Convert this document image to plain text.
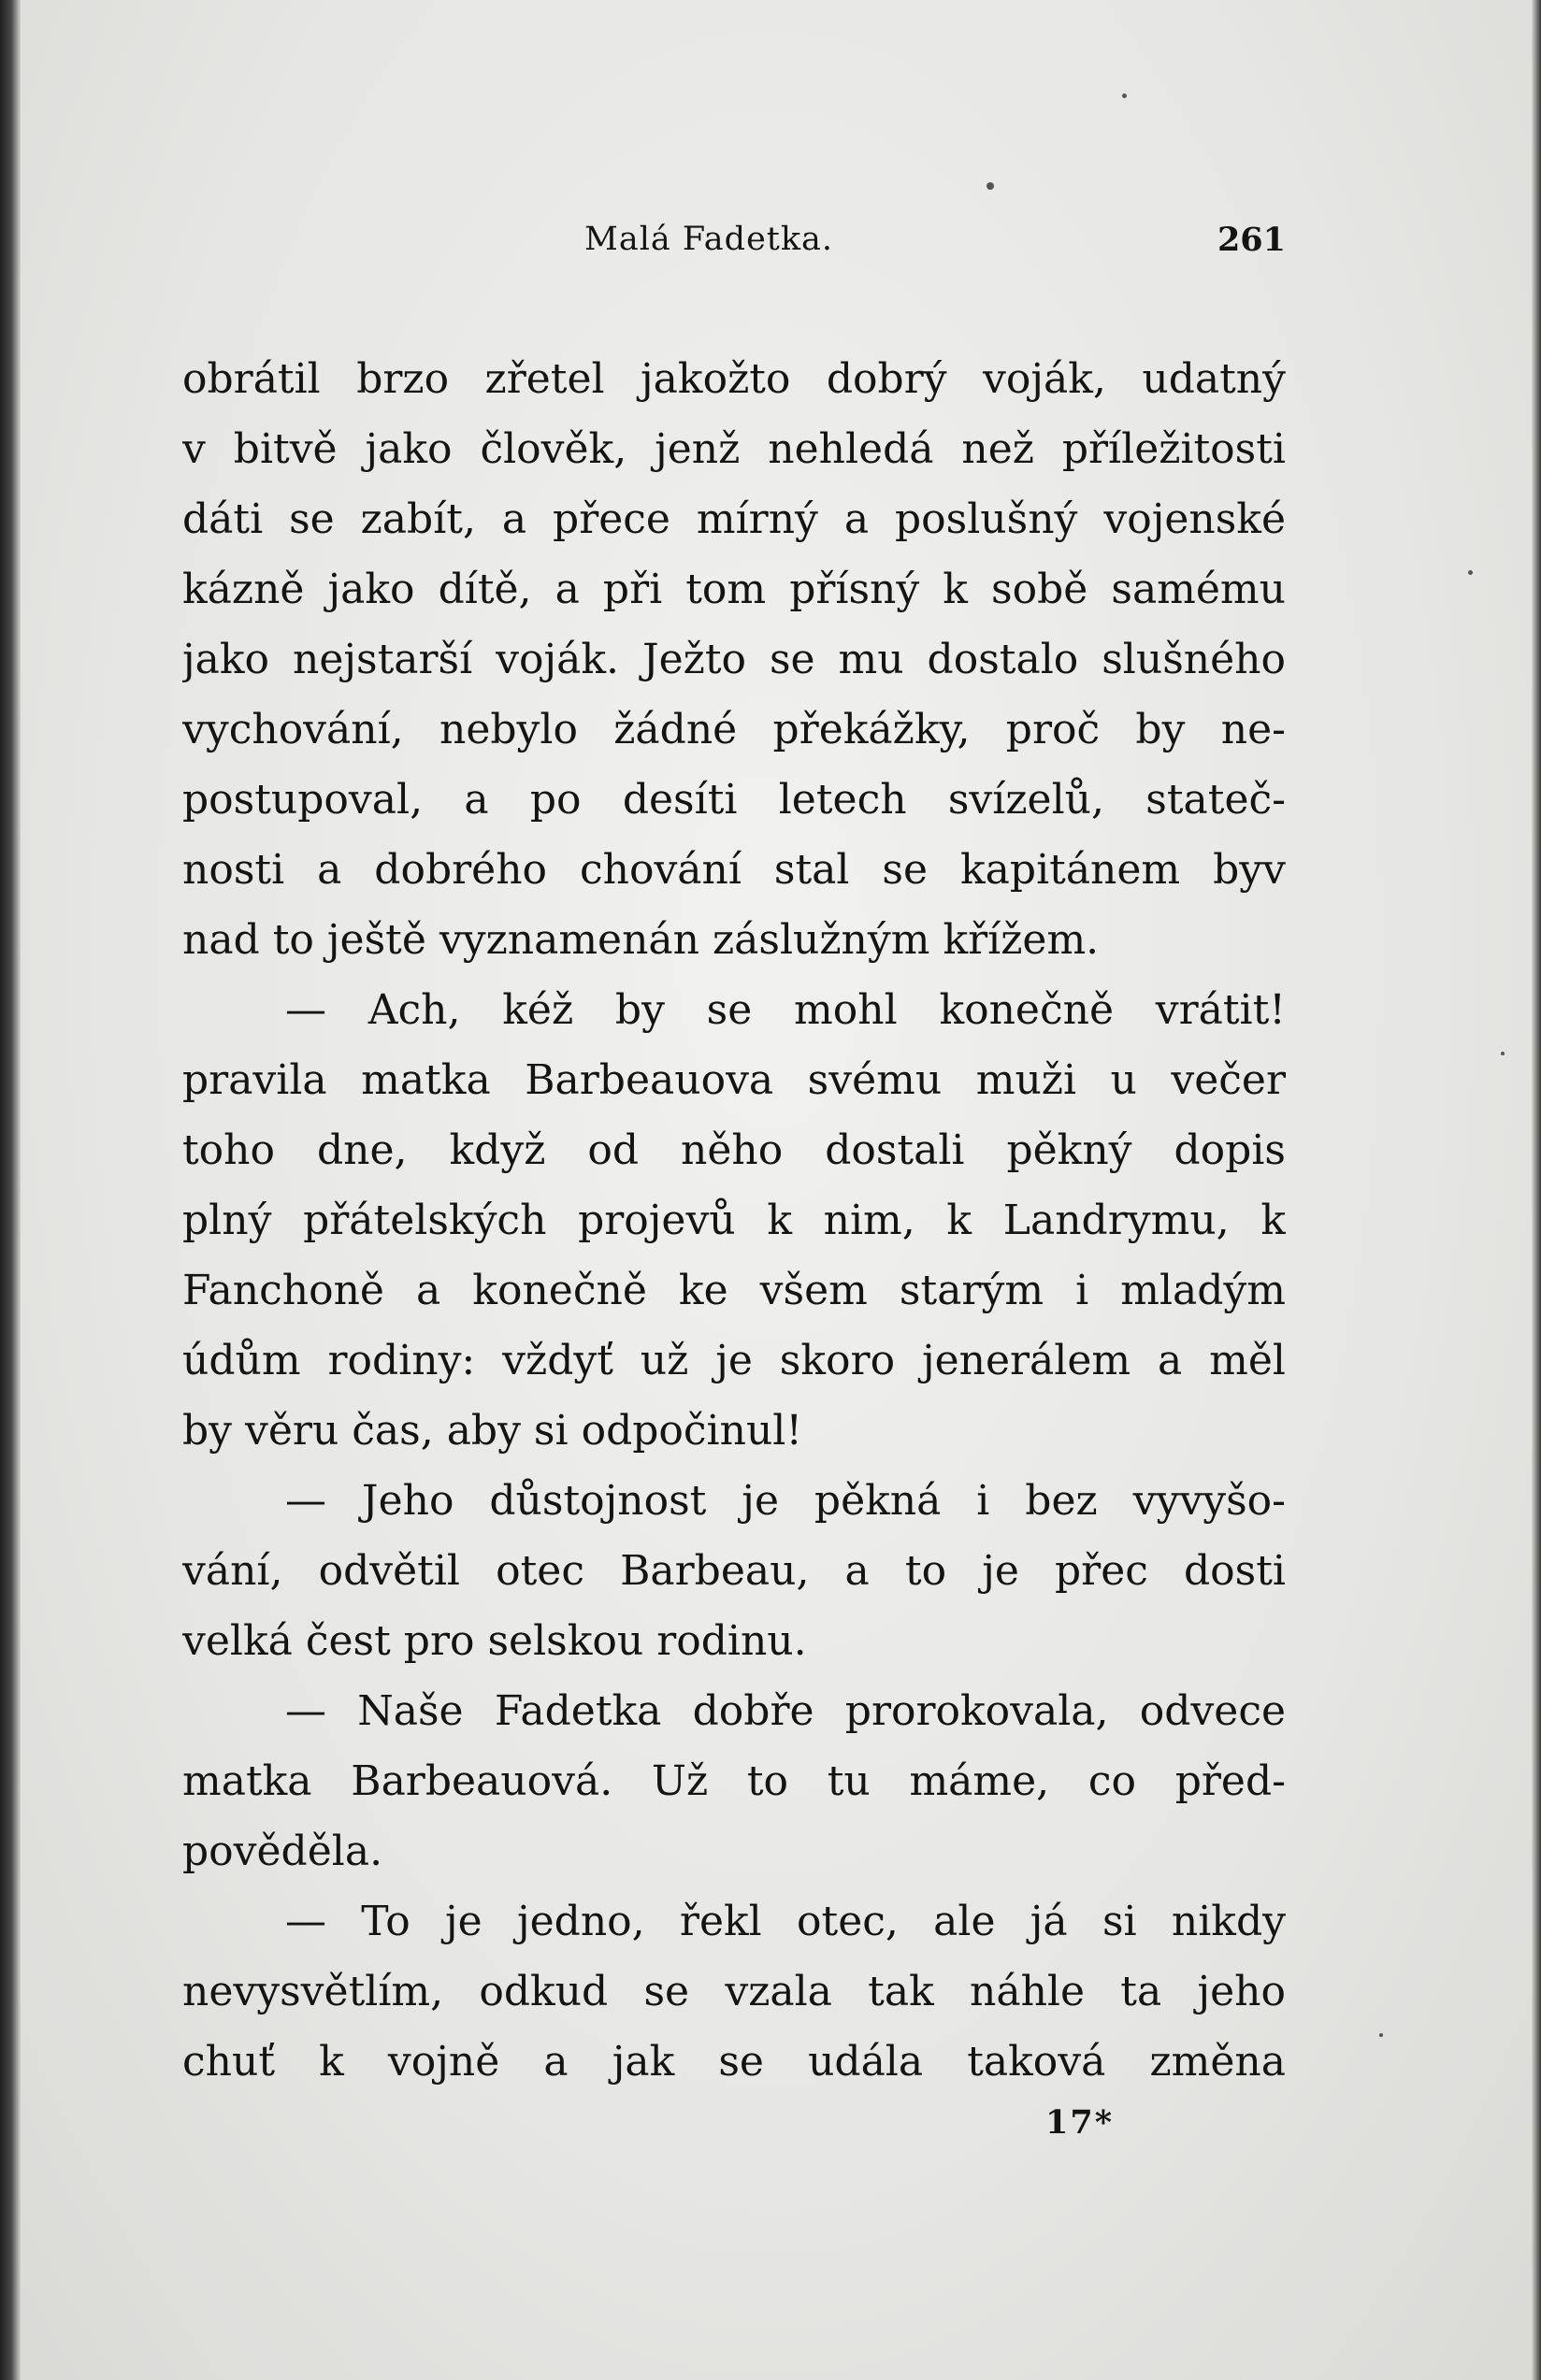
Malá Fadetka.	261
obrátil brzo zřetel jakožto dobrý voják, udatný
v bitvě jako člověk, jenž nehledá než příležitosti
dáti se zabít, a přece mírný a poslušný vojenské
kázně jako dítě, a při tom přísný k sobě samému
jako nejstarší voják. Ježto se mu dostalo slušného
vychování, nebylo žádné překážky, proč by ne-
postupoval, a po desíti letech svízelů, stateč-
nosti a dobrého chování stal se kapitánem byv
nad to ještě vyznamenán záslužným křížem.
— Ach, kéž by se mohl konečně vrátit!
pravila matka Barbeauova svému muži u večer
toho dne, když od něho dostali pěkný dopis
plný přátelských projevů k nim, k Landrymu, k
Fanchoně a konečně ke všem starým i mladým
údům rodiny: vždyť už je skoro jenerálem a měl
by věru čas, aby si odpočinul!
— Jeho důstojnost je pěkná i bez vyvyšo-
vání, odvětil otec Barbeau, a to je přec dosti
velká čest pro selskou rodinu.
— Naše Fadetka dobře prorokovala, odvece
matka Barbeauová. Už to tu máme, co před-
pověděla.
— To je jedno, řekl otec, ale já si nikdy
nevysvětlím, odkud se vzala tak náhle ta jeho
chuť k vojně a jak se udála taková změna
17*
